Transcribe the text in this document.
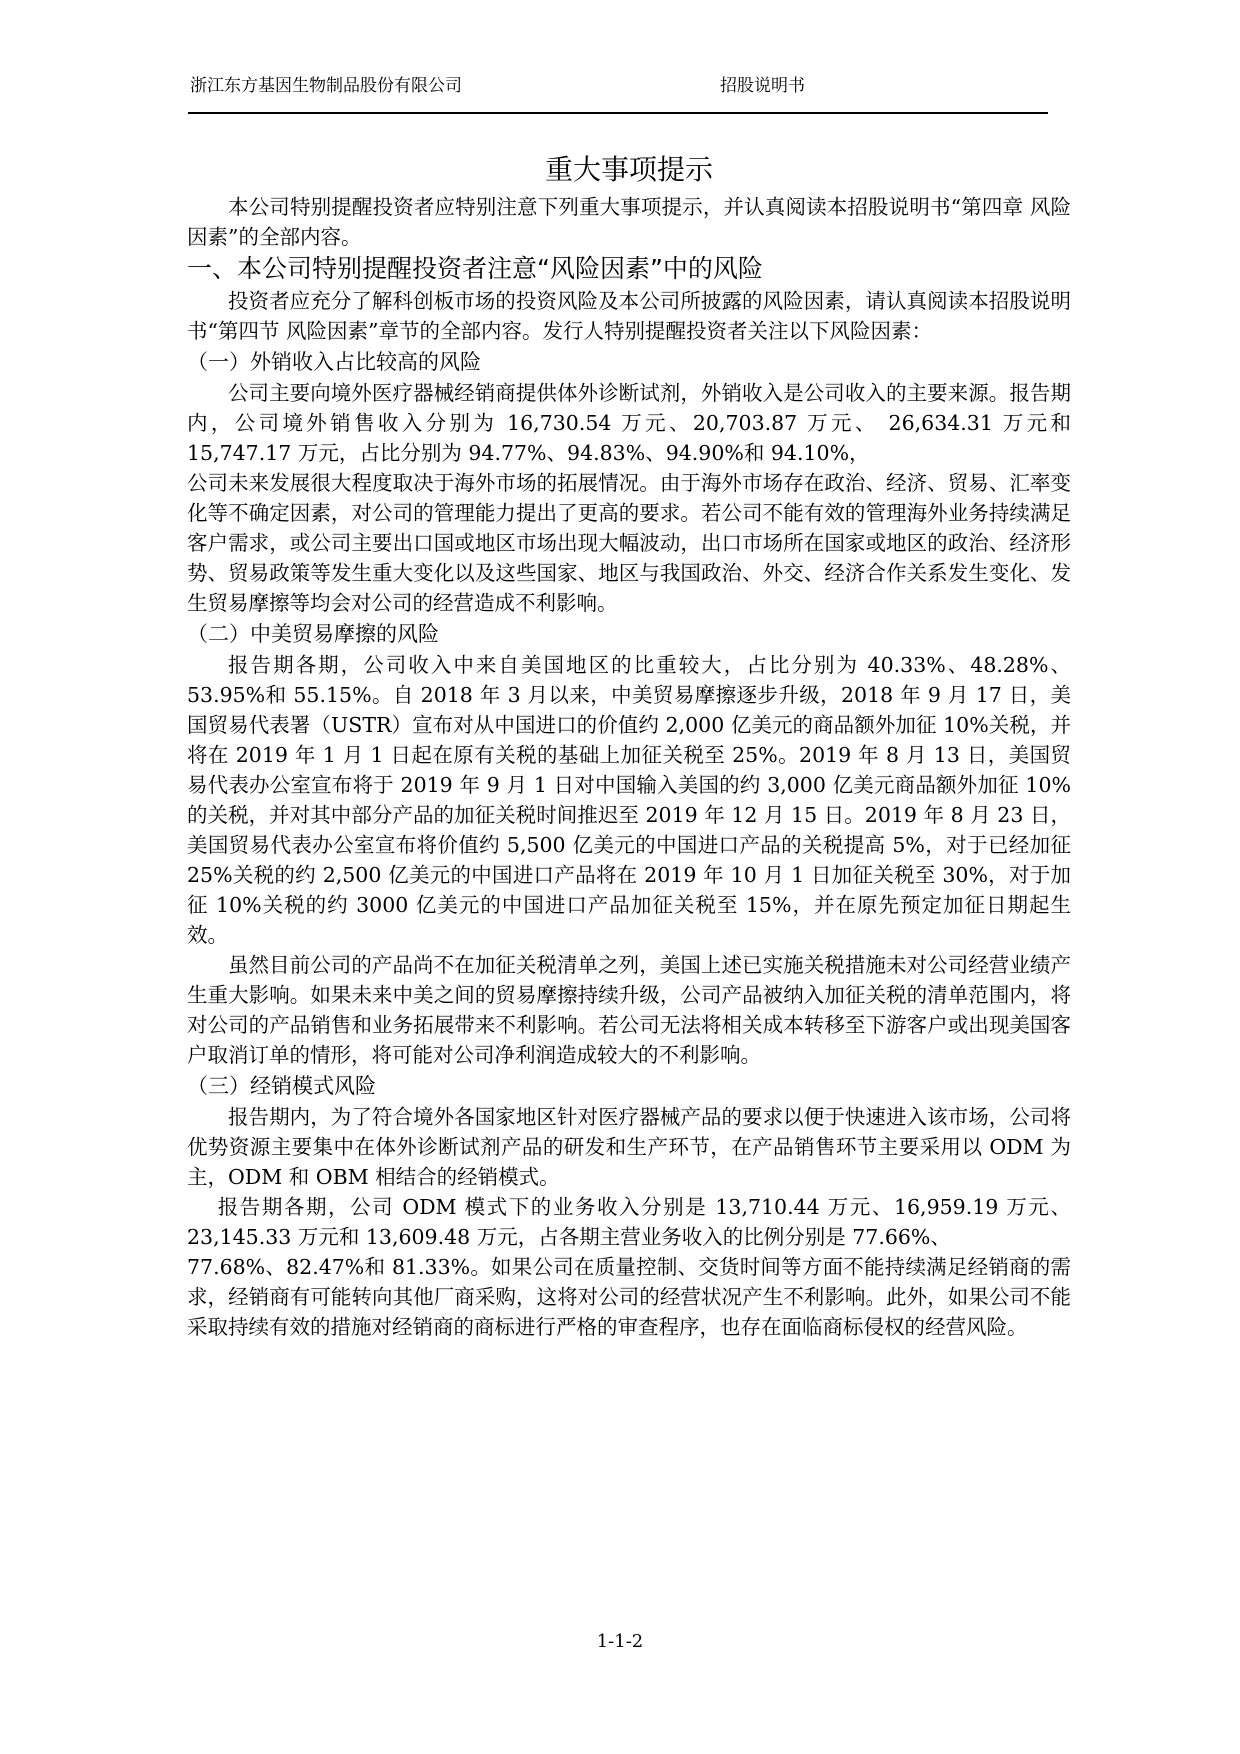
浙江东方基因生物制品股份有限公司	招股说明书
重大事项提示

本公司特别提醒投资者应特别注意下列重大事项提示，并认真阅读本招股说明书“第四章 风险因素”的全部内容。

一、本公司特别提醒投资者注意“风险因素”中的风险

投资者应充分了解科创板市场的投资风险及本公司所披露的风险因素，请认真阅读本招股说明书“第四节 风险因素”章节的全部内容。发行人特别提醒投资者关注以下风险因素：

（一）外销收入占比较高的风险

公司主要向境外医疗器械经销商提供体外诊断试剂，外销收入是公司收入的主要来源。报告期内，公司境外销售收入分别为 16,730.54 万元、20,703.87 万元、 26,634.31 万元和 15,747.17 万元，占比分别为 94.77%、94.83%、94.90%和 94.10%，

公司未来发展很大程度取决于海外市场的拓展情况。由于海外市场存在政治、经济、贸易、汇率变化等不确定因素，对公司的管理能力提出了更高的要求。若公司不能有效的管理海外业务持续满足客户需求，或公司主要出口国或地区市场出现大幅波动，出口市场所在国家或地区的政治、经济形势、贸易政策等发生重大变化以及这些国家、地区与我国政治、外交、经济合作关系发生变化、发生贸易摩擦等均会对公司的经营造成不利影响。

（二）中美贸易摩擦的风险

报告期各期，公司收入中来自美国地区的比重较大，占比分别为 40.33%、48.28%、53.95%和 55.15%。自 2018 年 3 月以来，中美贸易摩擦逐步升级，2018 年 9 月 17 日，美国贸易代表署（USTR）宣布对从中国进口的价值约 2,000 亿美元的商品额外加征 10%关税，并将在 2019 年 1 月 1 日起在原有关税的基础上加征关税至 25%。2019 年 8 月 13 日，美国贸易代表办公室宣布将于 2019 年 9 月 1 日对中国输入美国的约 3,000 亿美元商品额外加征 10%的关税，并对其中部分产品的加征关税时间推迟至 2019 年 12 月 15 日。2019 年 8 月 23 日，美国贸易代表办公室宣布将价值约 5,500 亿美元的中国进口产品的关税提高 5%，对于已经加征 25%关税的约 2,500 亿美元的中国进口产品将在 2019 年 10 月 1 日加征关税至 30%，对于加征 10%关税的约 3000 亿美元的中国进口产品加征关税至 15%，并在原先预定加征日期起生效。

虽然目前公司的产品尚不在加征关税清单之列，美国上述已实施关税措施未对公司经营业绩产生重大影响。如果未来中美之间的贸易摩擦持续升级，公司产品被纳入加征关税的清单范围内，将对公司的产品销售和业务拓展带来不利影响。若公司无法将相关成本转移至下游客户或出现美国客户取消订单的情形，将可能对公司净利润造成较大的不利影响。

（三）经销模式风险

报告期内，为了符合境外各国家地区针对医疗器械产品的要求以便于快速进入该市场，公司将优势资源主要集中在体外诊断试剂产品的研发和生产环节，在产品销售环节主要采用以 ODM 为主，ODM 和 OBM 相结合的经销模式。

报告期各期，公司 ODM 模式下的业务收入分别是 13,710.44 万元、16,959.19 万元、23,145.33 万元和 13,609.48 万元，占各期主营业务收入的比例分别是 77.66%、

77.68%、82.47%和 81.33%。如果公司在质量控制、交货时间等方面不能持续满足经销商的需求，经销商有可能转向其他厂商采购，这将对公司的经营状况产生不利影响。此外，如果公司不能采取持续有效的措施对经销商的商标进行严格的审查程序，也存在面临商标侵权的经营风险。

1-1-2
